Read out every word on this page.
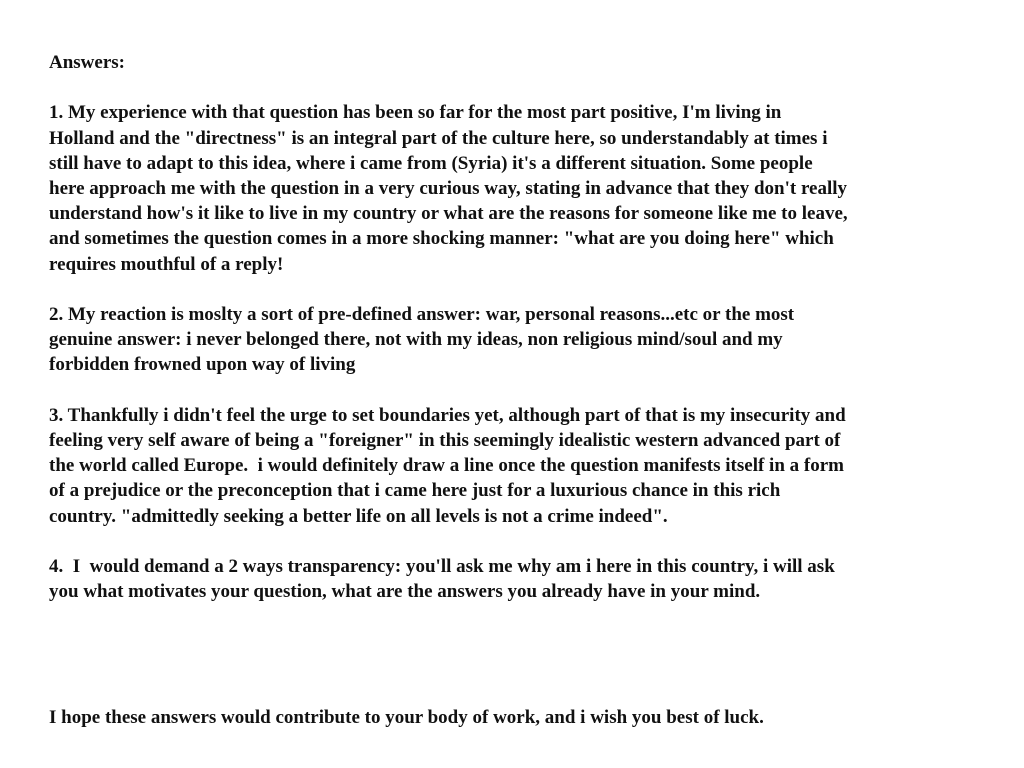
Answers:

1. My experience with that question has been so far for the most part positive, I'm living in

Holland and the "directness" is an integral part of the culture here, so understandably at times i

still have to adapt to this idea, where i came from (Syria) it's a different situation. Some people

here approach me with the question in a very curious way, stating in advance that they don't really

understand how's it like to live in my country or what are the reasons for someone like me to leave,

and sometimes the question comes in a more shocking manner: "what are you doing here" which

requires mouthful of a reply!

2. My reaction is moslty a sort of pre-defined answer: war, personal reasons...etc or the most

genuine answer: i never belonged there, not with my ideas, non religious mind/soul and my

forbidden frowned upon way of living

3. Thankfully i didn't feel the urge to set boundaries yet, although part of that is my insecurity and

feeling very self aware of being a "foreigner" in this seemingly idealistic western advanced part of

the world called Europe.  i would definitely draw a line once the question manifests itself in a form

of a prejudice or the preconception that i came here just for a luxurious chance in this rich

country. "admittedly seeking a better life on all levels is not a crime indeed".

4.  I  would demand a 2 ways transparency: you'll ask me why am i here in this country, i will ask

you what motivates your question, what are the answers you already have in your mind.

I hope these answers would contribute to your body of work, and i wish you best of luck.
